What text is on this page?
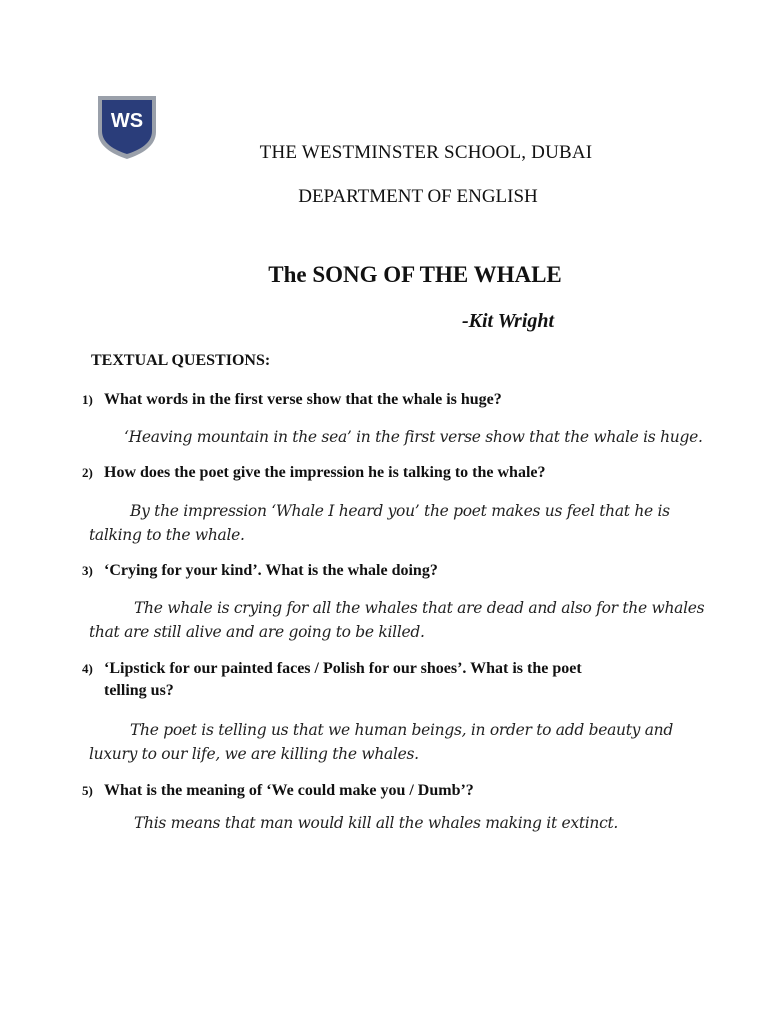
WS
THE WESTMINSTER SCHOOL, DUBAI
DEPARTMENT OF ENGLISH
The SONG OF THE WHALE
-Kit Wright
TEXTUAL QUESTIONS:
1) What words in the first verse show that the whale is huge?
‘Heaving mountain in the sea’ in the first verse show that the whale is huge.
2) How does the poet give the impression he is talking to the whale?
By the impression ‘Whale I heard you’ the poet makes us feel that he is
talking to the whale.
3) ‘Crying for your kind’. What is the whale doing?
The whale is crying for all the whales that are dead and also for the whales
that are still alive and are going to be killed.
4) ‘Lipstick for our painted faces / Polish for our shoes’. What is the poet
telling us?
The poet is telling us that we human beings, in order to add beauty and
luxury to our life, we are killing the whales.
5) What is the meaning of ‘We could make you / Dumb’?
This means that man would kill all the whales making it extinct.
